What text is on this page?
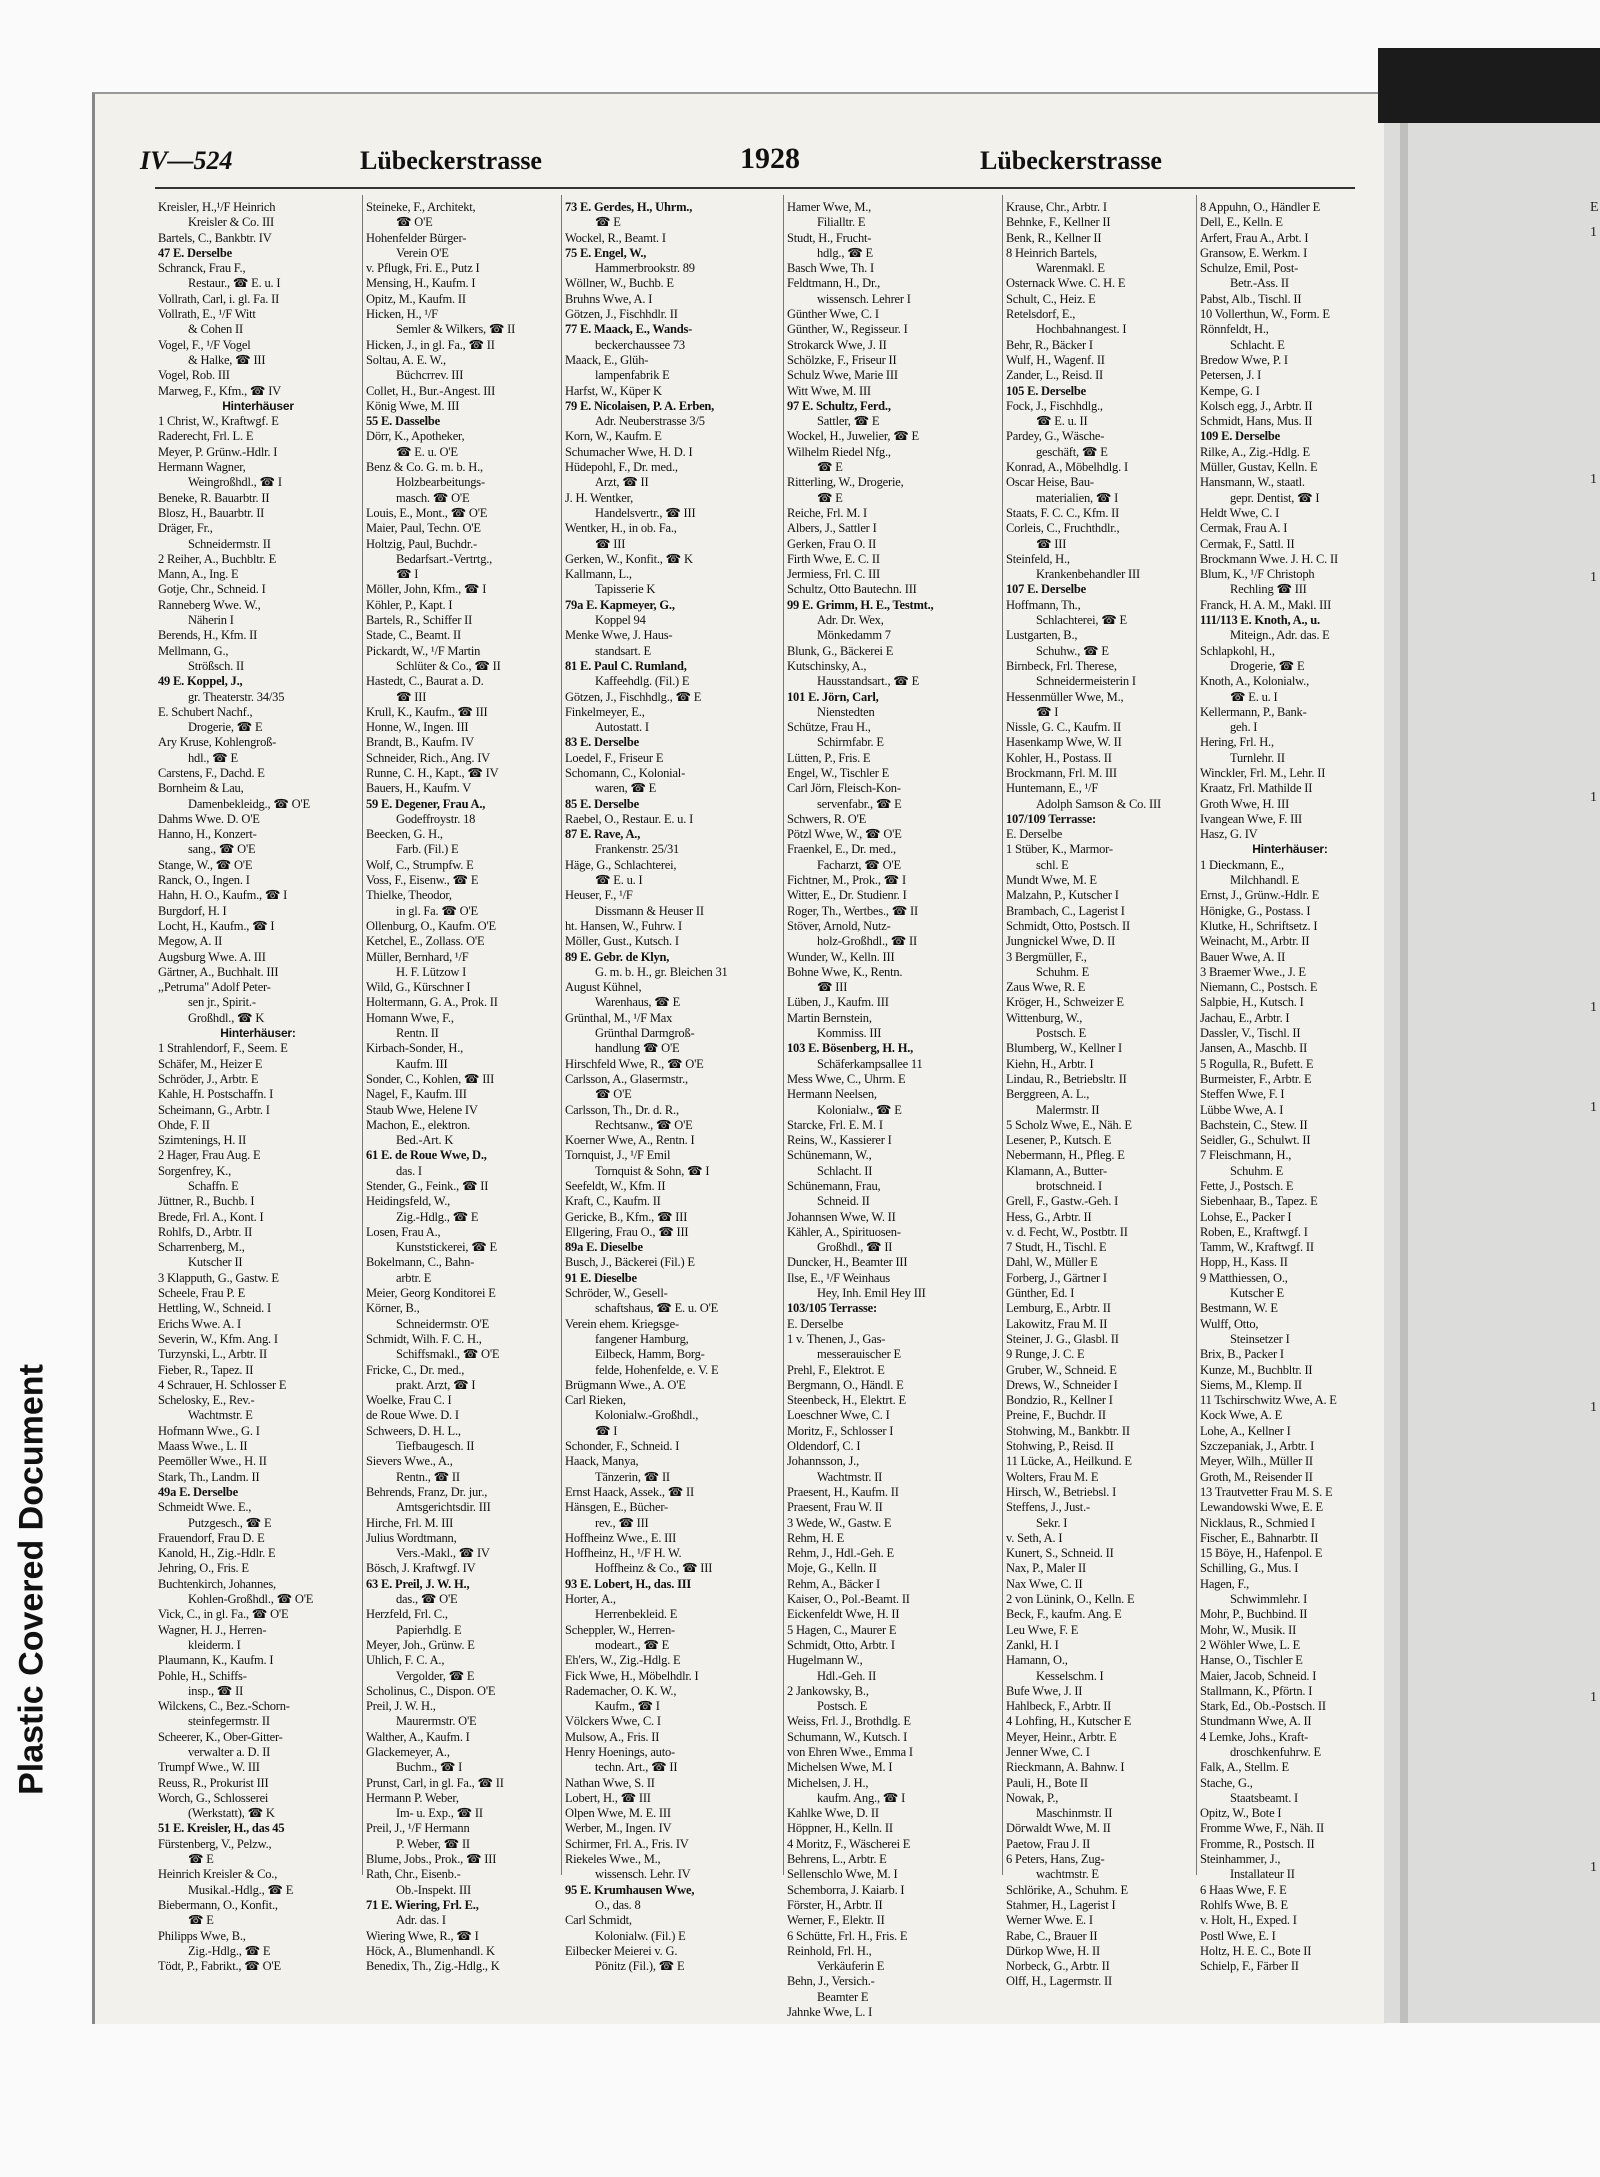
Plastic Covered Document
IV—524	Lübeckerstrasse	1928	Lübeckerstrasse
Kreisler, H.,¹/F Heinrich
Kreisler & Co. III
Bartels, C., Bankbtr. IV
47 E. Derselbe
Schranck, Frau F.,
Restaur., ☎ E. u. I
Vollrath, Carl, i. gl. Fa. II
Vollrath, E., ¹/F Witt
& Cohen II
Vogel, F., ¹/F Vogel
& Halke, ☎ III
Vogel, Rob. III
Marweg, F., Kfm., ☎ IV
Hinterhäuser
1 Christ, W., Kraftwgf. E
Raderecht, Frl. L. E
Meyer, P. Grünw.-Hdlr. I
Hermann Wagner,
Weingroßhdl., ☎ I
Beneke, R. Bauarbtr. II
Blosz, H., Bauarbtr. II
Dräger, Fr.,
Schneidermstr. II
2 Reiher, A., Buchbltr. E
Mann, A., Ing. E
Gotje, Chr., Schneid. I
Ranneberg Wwe. W.,
Näherin I
Berends, H., Kfm. II
Mellmann, G.,
Strößsch. II
49 E. Koppel, J.,
gr. Theaterstr. 34/35
E. Schubert Nachf.,
Drogerie, ☎ E
Ary Kruse, Kohlengroß-
hdl., ☎ E
Carstens, F., Dachd. E
Bornheim & Lau,
Damenbekleidg., ☎ O'E
Dahms Wwe. D. O'E
Hanno, H., Konzert-
sang., ☎ O'E
Stange, W., ☎ O'E
Ranck, O., Ingen. I
Hahn, H. O., Kaufm., ☎ I
Burgdorf, H. I
Locht, H., Kaufm., ☎ I
Megow, A. II
Augsburg Wwe. A. III
Gärtner, A., Buchhalt. III
,,Petruma" Adolf Peter-
sen jr., Spirit.-
Großhdl., ☎ K
Hinterhäuser:
1 Strahlendorf, F., Seem. E
Schäfer, M., Heizer E
Schröder, J., Arbtr. E
Kahle, H. Postschaffn. I
Scheimann, G., Arbtr. I
Ohde, F. II
Szimtenings, H. II
2 Hager, Frau Aug. E
Sorgenfrey, K.,
Schaffn. E
Jüttner, R., Buchb. I
Brede, Frl. A., Kont. I
Rohlfs, D., Arbtr. II
Scharrenberg, M.,
Kutscher II
3 Klapputh, G., Gastw. E
Scheele, Frau P. E
Hettling, W., Schneid. I
Erichs Wwe. A. I
Severin, W., Kfm. Ang. I
Turzynski, L., Arbtr. II
Fieber, R., Tapez. II
4 Schrauer, H. Schlosser E
Schelosky, E., Rev.-
Wachtmstr. E
Hofmann Wwe., G. I
Maass Wwe., L. II
Peemöller Wwe., H. II
Stark, Th., Landm. II
49a E. Derselbe
Schmeidt Wwe. E.,
Putzgesch., ☎ E
Frauendorf, Frau D. E
Kanold, H., Zig.-Hdlr. E
Jehring, O., Fris. E
Buchtenkirch, Johannes,
Kohlen-Großhdl., ☎ O'E
Vick, C., in gl. Fa., ☎ O'E
Wagner, H. J., Herren-
kleiderm. I
Plaumann, K., Kaufm. I
Pohle, H., Schiffs-
insp., ☎ II
Wilckens, C., Bez.-Schorn-
steinfegermstr. II
Scheerer, K., Ober-Gitter-
verwalter a. D. II
Trumpf Wwe., W. III
Reuss, R., Prokurist III
Worch, G., Schlosserei
(Werkstatt), ☎ K
51 E. Kreisler, H., das 45
Fürstenberg, V., Pelzw.,
☎ E
Heinrich Kreisler & Co.,
Musikal.-Hdlg., ☎ E
Biebermann, O., Konfit.,
☎ E
Philipps Wwe, B.,
Zig.-Hdlg., ☎ E
Tödt, P., Fabrikt., ☎ O'E
Steineke, F., Architekt,
☎ O'E
Hohenfelder Bürger-
Verein O'E
v. Pflugk, Fri. E., Putz I
Mensing, H., Kaufm. I
Opitz, M., Kaufm. II
Hicken, H., ¹/F
Semler & Wilkers, ☎ II
Hicken, J., in gl. Fa., ☎ II
Soltau, A. E. W.,
Büchcrrev. III
Collet, H., Bur.-Angest. III
König Wwe, M. III
55 E. Dasselbe
Dörr, K., Apotheker,
☎ E. u. O'E
Benz & Co. G. m. b. H.,
Holzbearbeitungs-
masch. ☎ O'E
Louis, E., Mont., ☎ O'E
Maier, Paul, Techn. O'E
Holtzig, Paul, Buchdr.-
Bedarfsart.-Vertrtg.,
☎ I
Möller, John, Kfm., ☎ I
Köhler, P., Kapt. I
Bartels, R., Schiffer II
Stade, C., Beamt. II
Pickardt, W., ¹/F Martin
Schlüter & Co., ☎ II
Hastedt, C., Baurat a. D.
☎ III
Krull, K., Kaufm., ☎ III
Honne, W., Ingen. III
Brandt, B., Kaufm. IV
Schneider, Rich., Ang. IV
Runne, C. H., Kapt., ☎ IV
Bauers, H., Kaufm. V
59 E. Degener, Frau A.,
Godeffroystr. 18
Beecken, G. H.,
Farb. (Fil.) E
Wolf, C., Strumpfw. E
Voss, F., Eisenw., ☎ E
Thielke, Theodor,
in gl. Fa. ☎ O'E
Ollenburg, O., Kaufm. O'E
Ketchel, E., Zollass. O'E
Müller, Bernhard, ¹/F
H. F. Lützow I
Wild, G., Kürschner I
Holtermann, G. A., Prok. II
Homann Wwe, F.,
Rentn. II
Kirbach-Sonder, H.,
Kaufm. III
Sonder, C., Kohlen, ☎ III
Nagel, F., Kaufm. III
Staub Wwe, Helene IV
Machon, E., elektron.
Bed.-Art. K
61 E. de Roue Wwe, D.,
das. I
Stender, G., Feink., ☎ II
Heidingsfeld, W.,
Zig.-Hdlg., ☎ E
Losen, Frau A.,
Kunststickerei, ☎ E
Bokelmann, C., Bahn-
arbtr. E
Meier, Georg Konditorei E
Körner, B.,
Schneidermstr. O'E
Schmidt, Wilh. F. C. H.,
Schiffsmakl., ☎ O'E
Fricke, C., Dr. med.,
prakt. Arzt, ☎ I
Woelke, Frau C. I
de Roue Wwe. D. I
Schweers, D. H. L.,
Tiefbaugesch. II
Sievers Wwe., A.,
Rentn., ☎ II
Behrends, Franz, Dr. jur.,
Amtsgerichtsdir. III
Hirche, Frl. M. III
Julius Wordtmann,
Vers.-Makl., ☎ IV
Bösch, J. Kraftwgf. IV
63 E. Preil, J. W. H.,
das., ☎ O'E
Herzfeld, Frl. C.,
Papierhdlg. E
Meyer, Joh., Grünw. E
Uhlich, F. C. A.,
Vergolder, ☎ E
Scholinus, C., Dispon. O'E
Preil, J. W. H.,
Maurermstr. O'E
Walther, A., Kaufm. I
Glackemeyer, A.,
Buchm., ☎ I
Prunst, Carl, in gl. Fa., ☎ II
Hermann P. Weber,
Im- u. Exp., ☎ II
Preil, J., ¹/F Hermann
P. Weber, ☎ II
Blume, Jobs., Prok., ☎ III
Rath, Chr., Eisenb.-
Ob.-Inspekt. III
71 E. Wiering, Frl. E.,
Adr. das. I
Wiering Wwe, R., ☎ I
Höck, A., Blumenhandl. K
Benedix, Th., Zig.-Hdlg., K
73 E. Gerdes, H., Uhrm.,
☎ E
Wockel, R., Beamt. I
75 E. Engel, W.,
Hammerbrookstr. 89
Wöllner, W., Buchb. E
Bruhns Wwe, A. I
Götzen, J., Fischhdlr. II
77 E. Maack, E., Wands-
beckerchaussee 73
Maack, E., Glüh-
lampenfabrik E
Harfst, W., Küper K
79 E. Nicolaisen, P. A. Erben,
Adr. Neuberstrasse 3/5
Korn, W., Kaufm. E
Schumacher Wwe, H. D. I
Hüdepohl, F., Dr. med.,
Arzt, ☎ II
J. H. Wentker,
Handelsvertr., ☎ III
Wentker, H., in ob. Fa.,
☎ III
Gerken, W., Konfit., ☎ K
Kallmann, L.,
Tapisserie K
79a E. Kapmeyer, G.,
Koppel 94
Menke Wwe, J. Haus-
standsart. E
81 E. Paul C. Rumland,
Kaffeehdlg. (Fil.) E
Götzen, J., Fischhdlg., ☎ E
Finkelmeyer, E.,
Autostatt. I
83 E. Derselbe
Loedel, F., Friseur E
Schomann, C., Kolonial-
waren, ☎ E
85 E. Derselbe
Raebel, O., Restaur. E. u. I
87 E. Rave, A.,
Frankenstr. 25/31
Häge, G., Schlachterei,
☎ E. u. I
Heuser, F., ¹/F
Dissmann & Heuser II
ht. Hansen, W., Fuhrw. I
Möller, Gust., Kutsch. I
89 E. Gebr. de Klyn,
G. m. b. H., gr. Bleichen 31
August Kühnel,
Warenhaus, ☎ E
Grünthal, M., ¹/F Max
Grünthal Darmgroß-
handlung ☎ O'E
Hirschfeld Wwe, R., ☎ O'E
Carlsson, A., Glasermstr.,
☎ O'E
Carlsson, Th., Dr. d. R.,
Rechtsanw., ☎ O'E
Koerner Wwe, A., Rentn. I
Tornquist, J., ¹/F Emil
Tornquist & Sohn, ☎ I
Seefeldt, W., Kfm. II
Kraft, C., Kaufm. II
Gericke, B., Kfm., ☎ III
Ellgering, Frau O., ☎ III
89a E. Dieselbe
Busch, J., Bäckerei (Fil.) E
91 E. Dieselbe
Schröder, W., Gesell-
schaftshaus, ☎ E. u. O'E
Verein ehem. Kriegsge-
fangener Hamburg,
Eilbeck, Hamm, Borg-
felde, Hohenfelde, e. V. E
Brügmann Wwe., A. O'E
Carl Rieken,
Kolonialw.-Großhdl.,
☎ I
Schonder, F., Schneid. I
Haack, Manya,
Tänzerin, ☎ II
Ernst Haack, Assek., ☎ II
Hänsgen, E., Bücher-
rev., ☎ III
Hoffheinz Wwe., E. III
Hoffheinz, H., ¹/F H. W.
Hoffheinz & Co., ☎ III
93 E. Lobert, H., das. III
Horter, A.,
Herrenbekleid. E
Scheppler, W., Herren-
modeart., ☎ E
Eh'ers, W., Zig.-Hdlg. E
Fick Wwe, H., Möbelhdlr. I
Rademacher, O. K. W.,
Kaufm., ☎ I
Völckers Wwe, C. I
Mulsow, A., Fris. II
Henry Hoenings, auto-
techn. Art., ☎ II
Nathan Wwe, S. II
Lobert, H., ☎ III
Olpen Wwe, M. E. III
Werber, M., Ingen. IV
Schirmer, Frl. A., Fris. IV
Riekeles Wwe., M.,
wissensch. Lehr. IV
95 E. Krumhausen Wwe,
O., das. 8
Carl Schmidt,
Kolonialw. (Fil.) E
Eilbecker Meierei v. G.
Pönitz (Fil.), ☎ E
Hamer Wwe, M.,
Filialltr. E
Studt, H., Frucht-
hdlg., ☎ E
Basch Wwe, Th. I
Feldtmann, H., Dr.,
wissensch. Lehrer I
Günther Wwe, C. I
Günther, W., Regisseur. I
Strokarck Wwe, J. II
Schölzke, F., Friseur II
Schulz Wwe, Marie III
Witt Wwe, M. III
97 E. Schultz, Ferd.,
Sattler, ☎ E
Wockel, H., Juwelier, ☎ E
Wilhelm Riedel Nfg.,
☎ E
Ritterling, W., Drogerie,
☎ E
Reiche, Frl. M. I
Albers, J., Sattler I
Gerken, Frau O. II
Firth Wwe, E. C. II
Jermiess, Frl. C. III
Schultz, Otto Bautechn. III
99 E. Grimm, H. E., Testmt.,
Adr. Dr. Wex,
Mönkedamm 7
Blunk, G., Bäckerei E
Kutschinsky, A.,
Hausstandsart., ☎ E
101 E. Jörn, Carl,
Nienstedten
Schütze, Frau H.,
Schirmfabr. E
Lütten, P., Fris. E
Engel, W., Tischler E
Carl Jörn, Fleisch-Kon-
servenfabr., ☎ E
Schwers, R. O'E
Pötzl Wwe, W., ☎ O'E
Fraenkel, E., Dr. med.,
Facharzt, ☎ O'E
Fichtner, M., Prok., ☎ I
Witter, E., Dr. Studienr. I
Roger, Th., Wertbes., ☎ II
Stöver, Arnold, Nutz-
holz-Großhdl., ☎ II
Wunder, W., Kelln. III
Bohne Wwe, K., Rentn.
☎ III
Lüben, J., Kaufm. III
Martin Bernstein,
Kommiss. III
103 E. Bösenberg, H. H.,
Schäferkampsallee 11
Mess Wwe, C., Uhrm. E
Hermann Neelsen,
Kolonialw., ☎ E
Starcke, Frl. E. M. I
Reins, W., Kassierer I
Schünemann, W.,
Schlacht. II
Schünemann, Frau,
Schneid. II
Johannsen Wwe, W. II
Kähler, A., Spirituosen-
Großhdl., ☎ II
Duncker, H., Beamter III
Ilse, E., ¹/F Weinhaus
Hey, Inh. Emil Hey III
103/105 Terrasse:
E. Derselbe
1 v. Thenen, J., Gas-
messerauischer E
Prehl, F., Elektrot. E
Bergmann, O., Händl. E
Steenbeck, H., Elektrt. E
Loeschner Wwe, C. I
Moritz, F., Schlosser I
Oldendorf, C. I
Johannsson, J.,
Wachtmstr. II
Praesent, H., Kaufm. II
Praesent, Frau W. II
3 Wede, W., Gastw. E
Rehm, H. E
Rehm, J., Hdl.-Geh. E
Moje, G., Kelln. II
Rehm, A., Bäcker I
Kaiser, O., Pol.-Beamt. II
Eickenfeldt Wwe, H. II
5 Hagen, C., Maurer E
Schmidt, Otto, Arbtr. I
Hugelmann W.,
Hdl.-Geh. II
2 Jankowsky, B.,
Postsch. E
Weiss, Frl. J., Brothdlg. E
Schumann, W., Kutsch. I
von Ehren Wwe., Emma I
Michelsen Wwe, M. I
Michelsen, J. H.,
kaufm. Ang., ☎ I
Kahlke Wwe, D. II
Höppner, H., Kelln. II
4 Moritz, F., Wäscherei E
Behrens, L., Arbtr. E
Sellenschlo Wwe, M. I
Schemborra, J. Kaiarb. I
Förster, H., Arbtr. II
Werner, F., Elektr. II
6 Schütte, Frl. H., Fris. E
Reinhold, Frl. H.,
Verkäuferin E
Behn, J., Versich.-
Beamter E
Jahnke Wwe, L. I
Krause, Chr., Arbtr. I
Behnke, F., Kellner II
Benk, R., Kellner II
8 Heinrich Bartels,
Warenmakl. E
Osternack Wwe. C. H. E
Schult, C., Heiz. E
Retelsdorf, E.,
Hochbahnangest. I
Behr, R., Bäcker I
Wulf, H., Wagenf. II
Zander, L., Reisd. II
105 E. Derselbe
Fock, J., Fischhdlg.,
☎ E. u. II
Pardey, G., Wäsche-
geschäft, ☎ E
Konrad, A., Möbelhdlg. I
Oscar Heise, Bau-
materialien, ☎ I
Staats, F. C. C., Kfm. II
Corleis, C., Fruchthdlr.,
☎ III
Steinfeld, H.,
Krankenbehandler III
107 E. Derselbe
Hoffmann, Th.,
Schlachterei, ☎ E
Lustgarten, B.,
Schuhw., ☎ E
Birnbeck, Frl. Therese,
Schneidermeisterin I
Hessenmüller Wwe, M.,
☎ I
Nissle, G. C., Kaufm. II
Hasenkamp Wwe, W. II
Kohler, H., Postass. II
Brockmann, Frl. M. III
Huntemann, E., ¹/F
Adolph Samson & Co. III
107/109 Terrasse:
E. Derselbe
1 Stüber, K., Marmor-
schl. E
Mundt Wwe, M. E
Malzahn, P., Kutscher I
Brambach, C., Lagerist I
Schmidt, Otto, Postsch. II
Jungnickel Wwe, D. II
3 Bergmüller, F.,
Schuhm. E
Zaus Wwe, R. E
Kröger, H., Schweizer E
Wittenburg, W.,
Postsch. E
Blumberg, W., Kellner I
Kiehn, H., Arbtr. I
Lindau, R., Betriebsltr. II
Berggreen, A. L.,
Malermstr. II
5 Scholz Wwe, E., Näh. E
Lesener, P., Kutsch. E
Nebermann, H., Pfleg. E
Klamann, A., Butter-
brotschneid. I
Grell, F., Gastw.-Geh. I
Hess, G., Arbtr. II
v. d. Fecht, W., Postbtr. II
7 Studt, H., Tischl. E
Dahl, W., Müller E
Forberg, J., Gärtner I
Günther, Ed. I
Lemburg, E., Arbtr. II
Lakowitz, Frau M. II
Steiner, J. G., Glasbl. II
9 Runge, J. C. E
Gruber, W., Schneid. E
Drews, W., Schneider I
Bondzio, R., Kellner I
Preine, F., Buchdr. II
Stohwing, M., Bankbtr. II
Stohwing, P., Reisd. II
11 Lücke, A., Heilkund. E
Wolters, Frau M. E
Hirsch, W., Betriebsl. I
Steffens, J., Just.-
Sekr. I
v. Seth, A. I
Kunert, S., Schneid. II
Nax, P., Maler II
Nax Wwe, C. II
2 von Lünink, O., Kelln. E
Beck, F., kaufm. Ang. E
Leu Wwe, F. E
Zankl, H. I
Hamann, O.,
Kesselschm. I
Bufe Wwe, J. II
Hahlbeck, F., Arbtr. II
4 Lohfing, H., Kutscher E
Meyer, Heinr., Arbtr. E
Jenner Wwe, C. I
Rieckmann, A. Bahnw. I
Pauli, H., Bote II
Nowak, P.,
Maschinmstr. II
Dörwaldt Wwe, M. II
Paetow, Frau J. II
6 Peters, Hans, Zug-
wachtmstr. E
Schlörike, A., Schuhm. E
Stahmer, H., Lagerist I
Werner Wwe. E. I
Rabe, C., Brauer II
Dürkop Wwe, H. II
Norbeck, G., Arbtr. II
Olff, H., Lagermstr. II
8 Appuhn, O., Händler E
Dell, E., Kelln. E
Arfert, Frau A., Arbt. I
Gransow, E. Werkm. I
Schulze, Emil, Post-
Betr.-Ass. II
Pabst, Alb., Tischl. II
10 Vollerthun, W., Form. E
Rönnfeldt, H.,
Schlacht. E
Bredow Wwe, P. I
Petersen, J. I
Kempe, G. I
Kolsch egg, J., Arbtr. II
Schmidt, Hans, Mus. II
109 E. Derselbe
Rilke, A., Zig.-Hdlg. E
Müller, Gustav, Kelln. E
Hansmann, W., staatl.
gepr. Dentist, ☎ I
Heldt Wwe, C. I
Cermak, Frau A. I
Cermak, F., Sattl. II
Brockmann Wwe. J. H. C. II
Blum, K., ¹/F Christoph
Rechling ☎ III
Franck, H. A. M., Makl. III
111/113 E. Knoth, A., u.
Miteign., Adr. das. E
Schlapkohl, H.,
Drogerie, ☎ E
Knoth, A., Kolonialw.,
☎ E. u. I
Kellermann, P., Bank-
geh. I
Hering, Frl. H.,
Turnlehr. II
Winckler, Frl. M., Lehr. II
Kraatz, Frl. Mathilde II
Groth Wwe, H. III
Ivangean Wwe, F. III
Hasz, G. IV
Hinterhäuser:
1 Dieckmann, E.,
Milchhandl. E
Ernst, J., Grünw.-Hdlr. E
Hönigke, G., Postass. I
Klutke, H., Schriftsetz. I
Weinacht, M., Arbtr. II
Bauer Wwe, A. II
3 Braemer Wwe., J. E
Niemann, C., Postsch. E
Salpbie, H., Kutsch. I
Jachau, E., Arbtr. I
Dassler, V., Tischl. II
Jansen, A., Maschb. II
5 Rogulla, R., Bufett. E
Burmeister, F., Arbtr. E
Steffen Wwe, F. I
Lübbe Wwe, A. I
Bachstein, C., Stew. II
Seidler, G., Schulwt. II
7 Fleischmann, H.,
Schuhm. E
Fette, J., Postsch. E
Siebenhaar, B., Tapez. E
Lohse, E., Packer I
Roben, E., Kraftwgf. I
Tamm, W., Kraftwgf. II
Hopp, H., Kass. II
9 Matthiessen, O.,
Kutscher E
Bestmann, W. E
Wulff, Otto,
Steinsetzer I
Brix, B., Packer I
Kunze, M., Buchbltr. II
Siems, M., Klemp. II
11 Tschirschwitz Wwe, A. E
Kock Wwe, A. E
Lohe, A., Kellner I
Szczepaniak, J., Arbtr. I
Meyer, Wilh., Müller II
Groth, M., Reisender II
13 Trautvetter Frau M. S. E
Lewandowski Wwe, E. E
Nicklaus, R., Schmied I
Fischer, E., Bahnarbtr. II
15 Böye, H., Hafenpol. E
Schilling, G., Mus. I
Hagen, F.,
Schwimmlehr. I
Mohr, P., Buchbind. II
Mohr, W., Musik. II
2 Wöhler Wwe, L. E
Hanse, O., Tischler E
Maier, Jacob, Schneid. I
Stallmann, K., Pförtn. I
Stark, Ed., Ob.-Postsch. II
Stundmann Wwe, A. II
4 Lemke, Johs., Kraft-
droschkenfuhrw. E
Falk, A., Stellm. E
Stache, G.,
Staatsbeamt. I
Opitz, W., Bote I
Fromme Wwe, F., Näh. II
Fromme, R., Postsch. II
Steinhammer, J.,
Installateur II
6 Haas Wwe, F. E
Rohlfs Wwe, B. E
v. Holt, H., Exped. I
Postl Wwe, E. I
Holtz, H. E. C., Bote II
Schielp, F., Färber II
E
1
1
1
1
1
1
1
1
1
